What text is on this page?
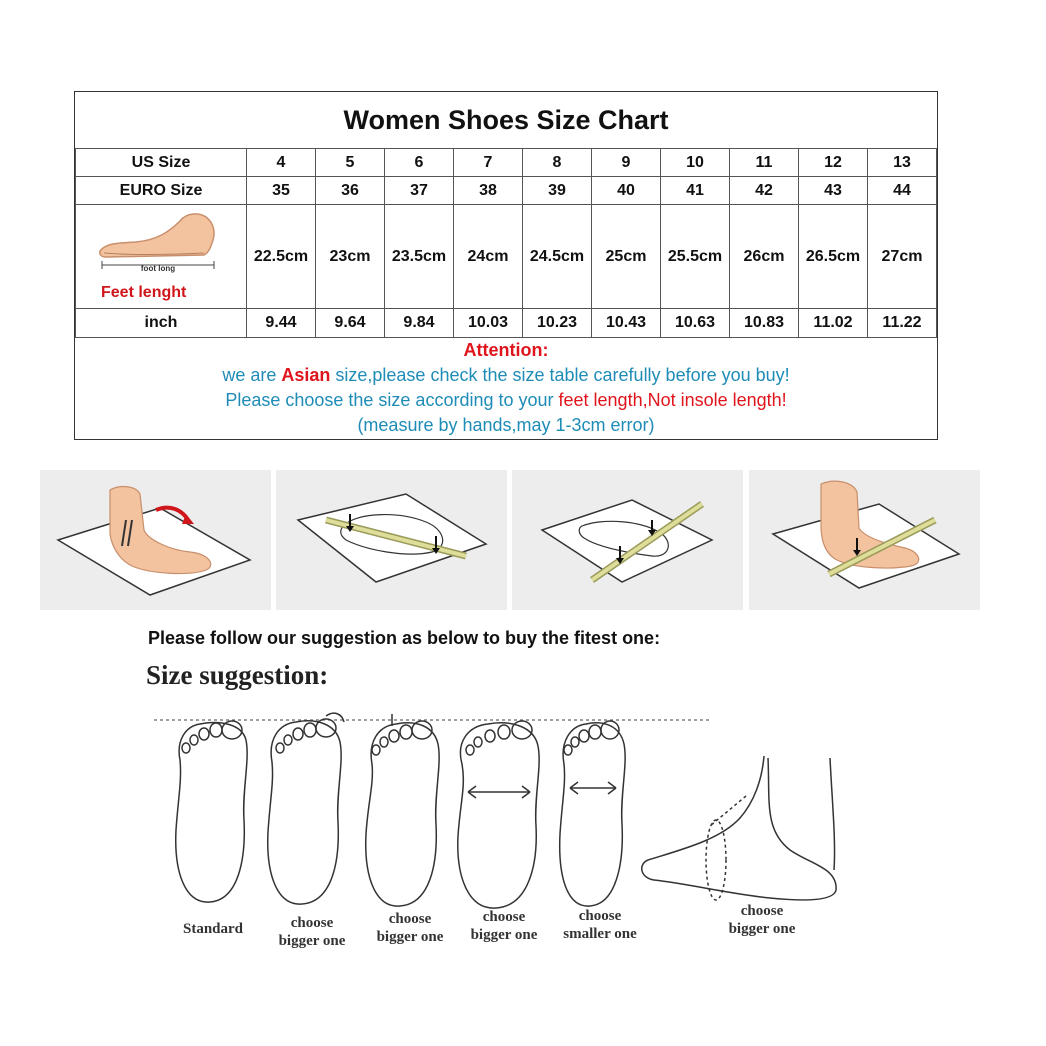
Women Shoes Size Chart
US Size	4	5	6	7	8	9	10	11	12	13
EURO Size	35	36	37	38	39	40	41	42	43	44

foot long
Feet lenght	22.5cm	23cm	23.5cm	24cm	24.5cm	25cm	25.5cm	26cm	26.5cm	27cm
inch	9.44	9.64	9.84	10.03	10.23	10.43	10.63	10.83	11.02	11.22
Attention:
we are Asian size,please check the size table carefully before you buy!
Please choose the size according to your feet length,Not insole length!
(measure by hands,may 1-3cm error)
Please follow our suggestion as below to buy the fitest one:
Size suggestion:
Standard	choose
bigger one
choose
bigger one
choose
bigger one
choose
smaller one
choose
bigger one
